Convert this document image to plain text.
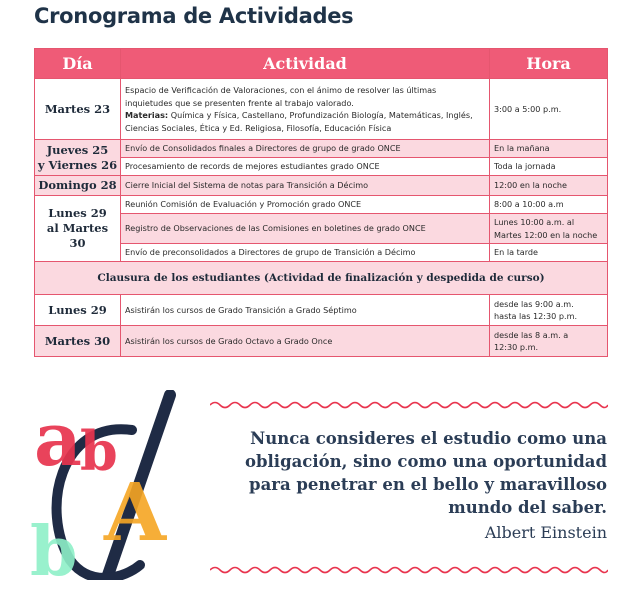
Cronograma de Actividades
Día	Actividad	Hora
Martes 23	Espacio de Verificación de Valoraciones, con el ánimo de resolver las últimas inquietudes que se presenten frente al trabajo valorado.
Materias: Química y Física, Castellano, Profundización Biología, Matemáticas, Inglés, Ciencias Sociales, Ética y Ed. Religiosa, Filosofía, Educación Física	3:00 a 5:00 p.m.
Jueves 25
y Viernes 26	Envío de Consolidados finales a Directores de grupo de grado ONCE	En la mañana
	Procesamiento de records de mejores estudiantes grado ONCE	Toda la jornada
Domingo 28	Cierre Inicial del Sistema de notas para Transición a Décimo	12:00 en la noche
Lunes 29
al Martes 30	Reunión Comisión de Evaluación y Promoción grado ONCE	8:00 a 10:00 a.m
	Registro de Observaciones de las Comisiones en boletines de grado ONCE	Lunes 10:00 a.m. al
Martes 12:00 en la noche
	Envío de preconsolidados a Directores de grupo de Transición a Décimo	En la tarde
Clausura de los estudiantes (Actividad de finalización y despedida de curso)		
Lunes 29	Asistirán los cursos de Grado Transición a Grado Séptimo	desde las 9:00 a.m.
hasta las 12:30 p.m.
Martes 30	Asistirán los cursos de Grado Octavo a Grado Once	desde las 8 a.m. a
12:30 p.m.
a
b
A
b
Nunca consideres el estudio como una
obligación, sino como una oportunidad
para penetrar en el bello y maravilloso
mundo del saber.
Albert Einstein
